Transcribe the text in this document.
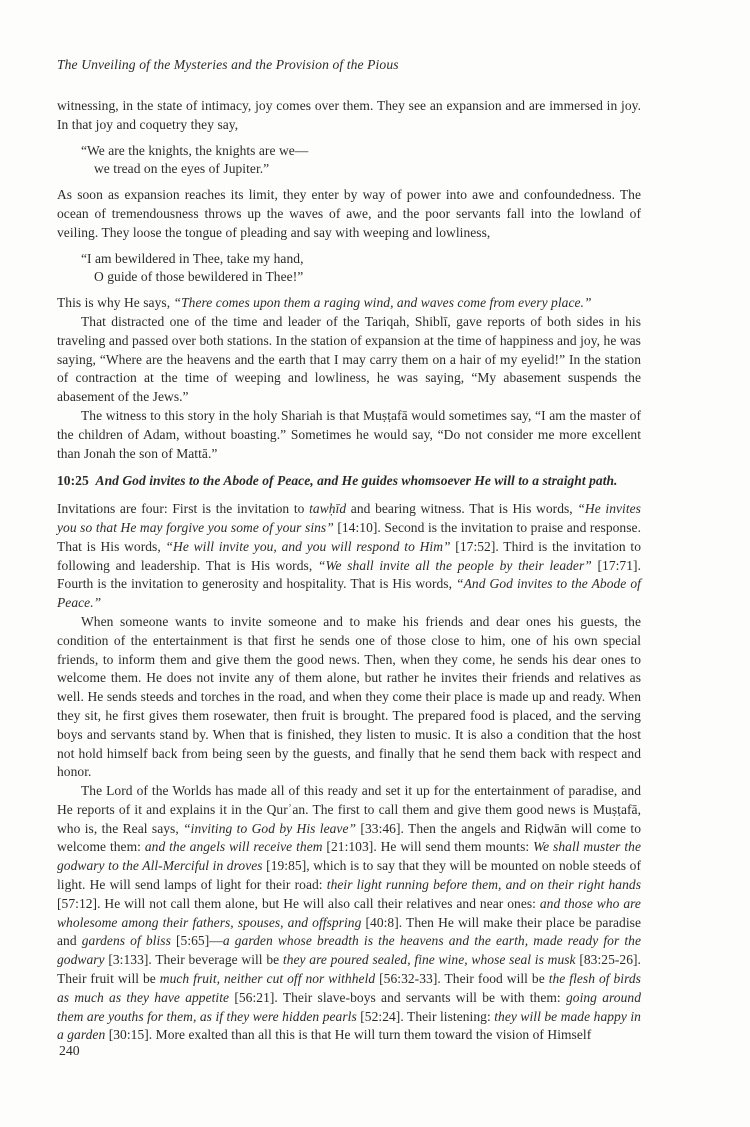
The Unveiling of the Mysteries and the Provision of the Pious

witnessing, in the state of intimacy, joy comes over them. They see an expansion and are immersed in joy. In that joy and coquetry they say,

“We are the knights, the knights are we—
we tread on the eyes of Jupiter.”

As soon as expansion reaches its limit, they enter by way of power into awe and confoundedness. The ocean of tremendousness throws up the waves of awe, and the poor servants fall into the lowland of veiling. They loose the tongue of pleading and say with weeping and lowliness,

“I am bewildered in Thee, take my hand,
O guide of those bewildered in Thee!”

This is why He says, “There comes upon them a raging wind, and waves come from every place.”

That distracted one of the time and leader of the Tariqah, Shiblī, gave reports of both sides in his traveling and passed over both stations. In the station of expansion at the time of happiness and joy, he was saying, “Where are the heavens and the earth that I may carry them on a hair of my eyelid!” In the station of contraction at the time of weeping and lowliness, he was saying, “My abasement suspends the abasement of the Jews.”

The witness to this story in the holy Shariah is that Muṣṭafā would sometimes say, “I am the master of the children of Adam, without boasting.” Sometimes he would say, “Do not consider me more excellent than Jonah the son of Mattā.”

10:25 And God invites to the Abode of Peace, and He guides whomsoever He will to a straight path.

Invitations are four: First is the invitation to tawḥīd and bearing witness. That is His words, “He invites you so that He may forgive you some of your sins” [14:10]. Second is the invitation to praise and response. That is His words, “He will invite you, and you will respond to Him” [17:52]. Third is the invitation to following and leadership. That is His words, “We shall invite all the people by their leader” [17:71]. Fourth is the invitation to generosity and hospitality. That is His words, “And God invites to the Abode of Peace.”

When someone wants to invite someone and to make his friends and dear ones his guests, the condition of the entertainment is that first he sends one of those close to him, one of his own special friends, to inform them and give them the good news. Then, when they come, he sends his dear ones to welcome them. He does not invite any of them alone, but rather he invites their friends and relatives as well. He sends steeds and torches in the road, and when they come their place is made up and ready. When they sit, he first gives them rosewater, then fruit is brought. The prepared food is placed, and the serving boys and servants stand by. When that is finished, they listen to music. It is also a condition that the host not hold himself back from being seen by the guests, and finally that he send them back with respect and honor.

The Lord of the Worlds has made all of this ready and set it up for the entertainment of paradise, and He reports of it and explains it in the Qurʾan. The first to call them and give them good news is Muṣṭafā, who is, the Real says, “inviting to God by His leave” [33:46]. Then the angels and Riḍwān will come to welcome them: and the angels will receive them [21:103]. He will send them mounts: We shall muster the godwary to the All-Merciful in droves [19:85], which is to say that they will be mounted on noble steeds of light. He will send lamps of light for their road: their light running before them, and on their right hands [57:12]. He will not call them alone, but He will also call their relatives and near ones: and those who are wholesome among their fathers, spouses, and offspring [40:8]. Then He will make their place be paradise and gardens of bliss [5:65]—a garden whose breadth is the heavens and the earth, made ready for the godwary [3:133]. Their beverage will be they are poured sealed, fine wine, whose seal is musk [83:25-26]. Their fruit will be much fruit, neither cut off nor withheld [56:32-33]. Their food will be the flesh of birds as much as they have appetite [56:21]. Their slave-boys and servants will be with them: going around them are youths for them, as if they were hidden pearls [52:24]. Their listening: they will be made happy in a garden [30:15]. More exalted than all this is that He will turn them toward the vision of Himself

240
